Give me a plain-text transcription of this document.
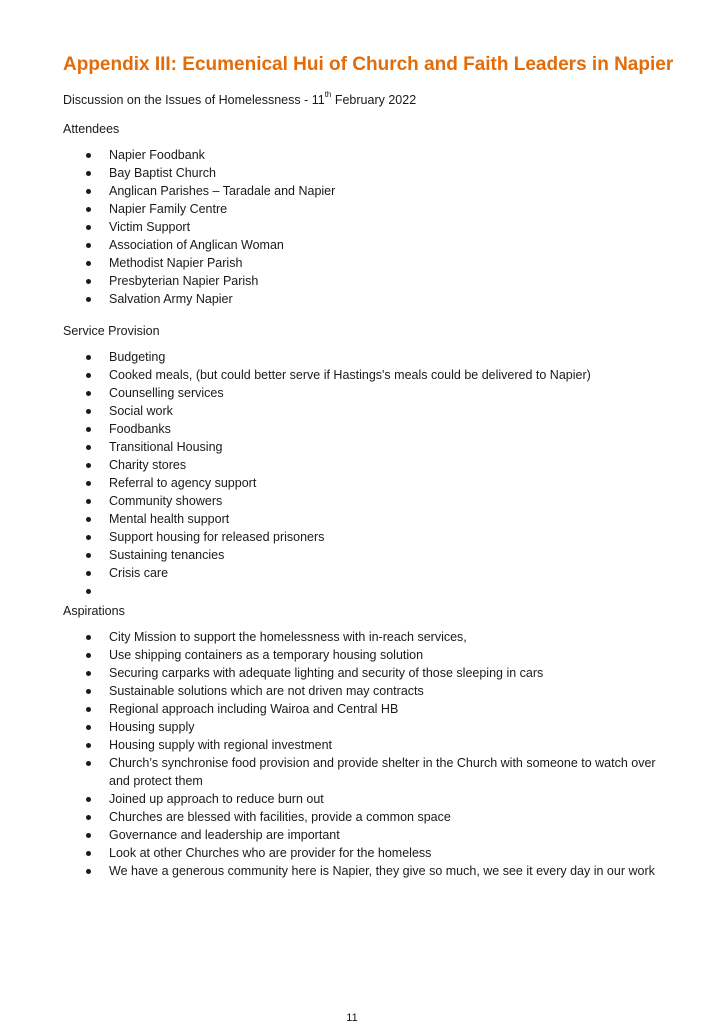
Appendix III: Ecumenical Hui of Church and Faith Leaders in Napier

Discussion on the Issues of Homelessness - 11th February 2022

Attendees

Napier Foodbank
Bay Baptist Church
Anglican Parishes – Taradale and Napier
Napier Family Centre
Victim Support
Association of Anglican Woman
Methodist Napier Parish
Presbyterian Napier Parish
Salvation Army Napier

Service Provision

Budgeting
Cooked meals, (but could better serve if Hastings's meals could be delivered to Napier)
Counselling services
Social work
Foodbanks
Transitional Housing
Charity stores
Referral to agency support
Community showers
Mental health support
Support housing for released prisoners
Sustaining tenancies
Crisis care

Aspirations

City Mission to support the homelessness with in-reach services,
Use shipping containers as a temporary housing solution
Securing carparks with adequate lighting and security of those sleeping in cars
Sustainable solutions which are not driven may contracts
Regional approach including Wairoa and Central HB
Housing supply
Housing supply with regional investment
Church’s synchronise food provision and provide shelter in the Church with someone to watch over and protect them
Joined up approach to reduce burn out
Churches are blessed with facilities, provide a common space
Governance and leadership are important
Look at other Churches who are provider for the homeless
We have a generous community here is Napier, they give so much, we see it every day in our work
11
